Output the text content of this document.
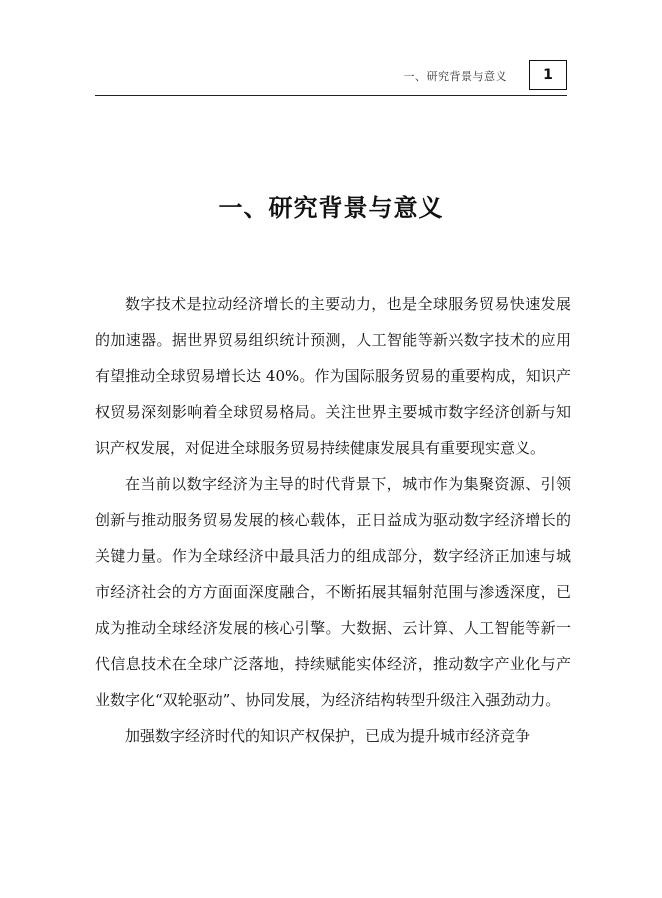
一、研究背景与意义	1
一、研究背景与意义

数字技术是拉动经济增长的主要动力，也是全球服务贸易快速发展的加速器。据世界贸易组织统计预测，人工智能等新兴数字技术的应用有望推动全球贸易增长达 40%。作为国际服务贸易的重要构成，知识产权贸易深刻影响着全球贸易格局。关注世界主要城市数字经济创新与知识产权发展，对促进全球服务贸易持续健康发展具有重要现实意义。

在当前以数字经济为主导的时代背景下，城市作为集聚资源、引领创新与推动服务贸易发展的核心载体，正日益成为驱动数字经济增长的关键力量。作为全球经济中最具活力的组成部分，数字经济正加速与城市经济社会的方方面面深度融合，不断拓展其辐射范围与渗透深度，已成为推动全球经济发展的核心引擎。大数据、云计算、人工智能等新一代信息技术在全球广泛落地，持续赋能实体经济，推动数字产业化与产业数字化“双轮驱动”、协同发展，为经济结构转型升级注入强劲动力。

加强数字经济时代的知识产权保护，已成为提升城市经济竞争
